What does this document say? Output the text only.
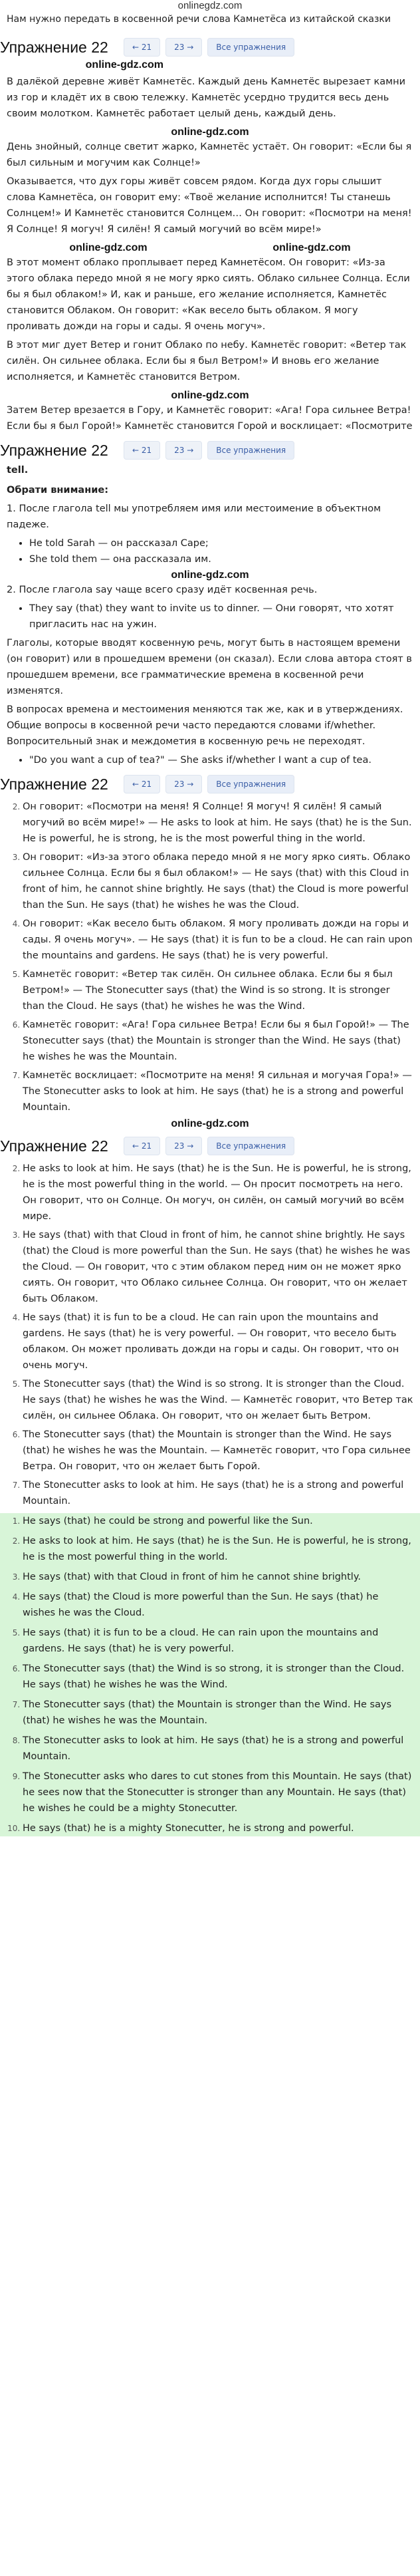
onlinegdz.com
Нам нужно передать в косвенной речи слова Камнетёса из китайской сказки
Упражнение 22	← 21	23 →	Все упражнения
online-gdz.com

В далёкой деревне живёт Камнетёс. Каждый день Камнетёс вырезает камни из гор и кладёт их в свою тележку. Камнетёс усердно трудится весь день своим молотком. Камнетёс работает целый день, каждый день.

online-gdz.com

День знойный, солнце светит жарко, Камнетёс устаёт. Он говорит: «Если бы я был сильным и могучим как Солнце!»

Оказывается, что дух горы живёт совсем рядом. Когда дух горы слышит слова Камнетёса, он говорит ему: «Твоё желание исполнится! Ты станешь Солнцем!» И Камнетёс становится Солнцем… Он говорит: «Посмотри на меня! Я Солнце! Я могуч! Я силён! Я самый могучий во всём мире!»

online-gdz.com	online-gdz.com

В этот момент облако проплывает перед Камнетёсом. Он говорит: «Из-за этого облака передо мной я не могу ярко сиять. Облако сильнее Солнца. Если бы я был облаком!» И, как и раньше, его желание исполняется, Камнетёс становится Облаком. Он говорит: «Как весело быть облаком. Я могу проливать дожди на горы и сады. Я очень могуч».

В этот миг дует Ветер и гонит Облако по небу. Камнетёс говорит: «Ветер так силён. Он сильнее облака. Если бы я был Ветром!» И вновь его желание исполняется, и Камнетёс становится Ветром.

online-gdz.com

Затем Ветер врезается в Гору, и Камнетёс говорит: «Ага! Гора сильнее Ветра! Если бы я был Горой!» Камнетёс становится Горой и восклицает: «Посмотрите

Упражнение 22	← 21	23 →	Все упражнения
tell.
Обрати внимание:

1. После глагола tell мы употребляем имя или местоимение в объектном падеже.

• He told Sarah — он рассказал Саре;
• She told them — она рассказала им.
online-gdz.com

2. После глагола say чаще всего сразу идёт косвенная речь.

• They say (that) they want to invite us to dinner. — Они говорят, что хотят пригласить нас на ужин.

Глаголы, которые вводят косвенную речь, могут быть в настоящем времени (он говорит) или в прошедшем времени (он сказал). Если слова автора стоят в прошедшем времени, все грамматические времена в косвенной речи изменятся.

В вопросах времена и местоимения меняются так же, как и в утверждениях. Общие вопросы в косвенной речи часто передаются словами if/whether. Вопросительный знак и междометия в косвенную речь не переходят.

• "Do you want a cup of tea?" — She asks if/whether I want a cup of tea.
Упражнение 22	← 21	23 →	Все упражнения
2. Он говорит: «Посмотри на меня! Я Солнце! Я могуч! Я силён! Я самый могучий во всём мире!» — He asks to look at him. He says (that) he is the Sun. He is powerful, he is strong, he is the most powerful thing in the world.
3. Он говорит: «Из-за этого облака передо мной я не могу ярко сиять. Облако сильнее Солнца. Если бы я был облаком!» — He says (that) with this Cloud in front of him, he cannot shine brightly. He says (that) the Cloud is more powerful than the Sun. He says (that) he wishes he was the Cloud.
4. Он говорит: «Как весело быть облаком. Я могу проливать дожди на горы и сады. Я очень могуч». — He says (that) it is fun to be a cloud. He can rain upon the mountains and gardens. He says (that) he is very powerful.
5. Камнетёс говорит: «Ветер так силён. Он сильнее облака. Если бы я был Ветром!» — The Stonecutter says (that) the Wind is so strong. It is stronger than the Cloud. He says (that) he wishes he was the Wind.
6. Камнетёс говорит: «Ага! Гора сильнее Ветра! Если бы я был Горой!» — The Stonecutter says (that) the Mountain is stronger than the Wind. He says (that) he wishes he was the Mountain.
7. Камнетёс восклицает: «Посмотрите на меня! Я сильная и могучая Гора!» — The Stonecutter asks to look at him. He says (that) he is a strong and powerful Mountain.
online-gdz.com
Упражнение 22	← 21	23 →	Все упражнения
2. He asks to look at him. He says (that) he is the Sun. He is powerful, he is strong, he is the most powerful thing in the world. — Он просит посмотреть на него. Он говорит, что он Солнце. Он могуч, он силён, он самый могучий во всём мире.
3. He says (that) with that Cloud in front of him, he cannot shine brightly. He says (that) the Cloud is more powerful than the Sun. He says (that) he wishes he was the Cloud. — Он говорит, что с этим облаком перед ним он не может ярко сиять. Он говорит, что Облако сильнее Солнца. Он говорит, что он желает быть Облаком.
4. He says (that) it is fun to be a cloud. He can rain upon the mountains and gardens. He says (that) he is very powerful. — Он говорит, что весело быть облаком. Он может проливать дожди на горы и сады. Он говорит, что он очень могуч.
5. The Stonecutter says (that) the Wind is so strong. It is stronger than the Cloud. He says (that) he wishes he was the Wind. — Камнетёс говорит, что Ветер так силён, он сильнее Облака. Он говорит, что он желает быть Ветром.
6. The Stonecutter says (that) the Mountain is stronger than the Wind. He says (that) he wishes he was the Mountain. — Камнетёс говорит, что Гора сильнее Ветра. Он говорит, что он желает быть Горой.
7. The Stonecutter asks to look at him. He says (that) he is a strong and powerful Mountain.
1. He says (that) he could be strong and powerful like the Sun.
2. He asks to look at him. He says (that) he is the Sun. He is powerful, he is strong, he is the most powerful thing in the world.
3. He says (that) with that Cloud in front of him he cannot shine brightly.
4. He says (that) the Cloud is more powerful than the Sun. He says (that) he wishes he was the Cloud.
5. He says (that) it is fun to be a cloud. He can rain upon the mountains and gardens. He says (that) he is very powerful.
6. The Stonecutter says (that) the Wind is so strong, it is stronger than the Cloud. He says (that) he wishes he was the Wind.
7. The Stonecutter says (that) the Mountain is stronger than the Wind. He says (that) he wishes he was the Mountain.
8. The Stonecutter asks to look at him. He says (that) he is a strong and powerful Mountain.
9. The Stonecutter asks who dares to cut stones from this Mountain. He says (that) he sees now that the Stonecutter is stronger than any Mountain. He says (that) he wishes he could be a mighty Stonecutter.
10. He says (that) he is a mighty Stonecutter, he is strong and powerful.
